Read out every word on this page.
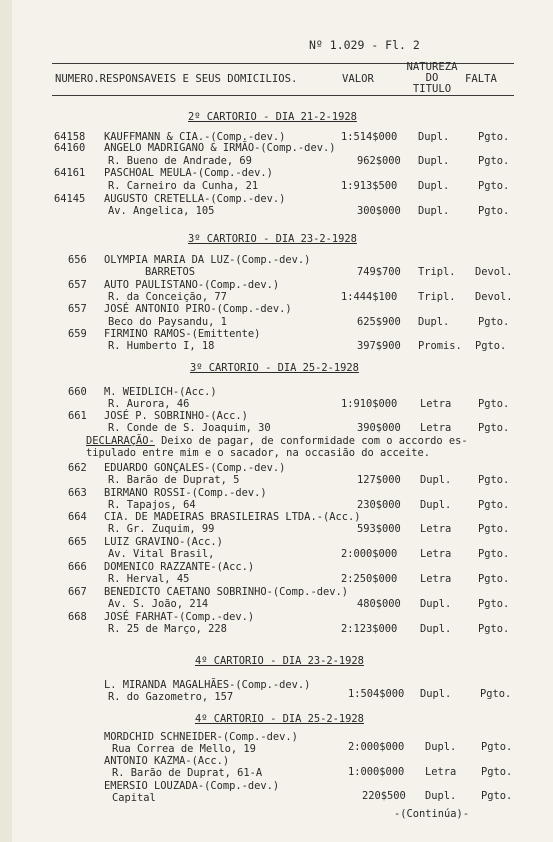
Nº 1.029 - Fl. 2
NUMERO.RESPONSAVEIS E SEUS DOMICILIOS.	VALOR
NATUREZA
DO
TITULO
FALTA
2º CARTORIO - DIA 21-2-1928
64158 KAUFFMANN & CIA.-(Comp.-dev.)	1:514$000 Dupl.	Pgto.
64160 ANGELO MADRIGANO & IRMÃO-(Comp.-dev.)
R. Bueno de Andrade, 69	962$000 Dupl.	Pgto.
64161 PASCHOAL MEULA-(Comp.-dev.)
R. Carneiro da Cunha, 21	1:913$500 Dupl.	Pgto.
64145 AUGUSTO CRETELLA-(Comp.-dev.)
Av. Angelica, 105	300$000 Dupl.	Pgto.
3º CARTORIO - DIA 23-2-1928
656 OLYMPIA MARIA DA LUZ-(Comp.-dev.)
BARRETOS	749$700 Tripl. Devol.
657 AUTO PAULISTANO-(Comp.-dev.)
R. da Conceição, 77	1:444$100 Tripl. Devol.
657 JOSÉ ANTONIO PIRO-(Comp.-dev.)
Beco do Paysandu, 1	625$900 Dupl.	Pgto.
659 FIRMINO RAMOS-(Emittente)
R. Humberto I, 18	397$900 Promis. Pgto.
3º CARTORIO - DIA 25-2-1928
660 M. WEIDLICH-(Acc.)
R. Aurora, 46	1:910$000 Letra	Pgto.
661 JOSÉ P. SOBRINHO-(Acc.)
R. Conde de S. Joaquim, 30	390$000 Letra	Pgto.
DECLARAÇÃO- Deixo de pagar, de conformidade com o accordo es-
tipulado entre mim e o sacador, na occasião do acceite.
662 EDUARDO GONÇALES-(Comp.-dev.)
R. Barão de Duprat, 5	127$000 Dupl.	Pgto.
663 BIRMANO ROSSI-(Comp.-dev.)
R. Tapajos, 64	230$000 Dupl.	Pgto.
664 CIA. DE MADEIRAS BRASILEIRAS LTDA.-(Acc.)
R. Gr. Zuquim, 99	593$000 Letra	Pgto.
665 LUIZ GRAVINO-(Acc.)
Av. Vital Brasil,	2:000$000 Letra	Pgto.
666 DOMENICO RAZZANTE-(Acc.)
R. Herval, 45	2:250$000 Letra	Pgto.
667 BENEDICTO CAETANO SOBRINHO-(Comp.-dev.)
Av. S. João, 214	480$000 Dupl.	Pgto.
668 JOSÉ FARHAT-(Comp.-dev.)
R. 25 de Março, 228	2:123$000 Dupl.	Pgto.
4º CARTORIO - DIA 23-2-1928
L. MIRANDA MAGALHÃES-(Comp.-dev.)
R. do Gazometro, 157	1:504$000 Dupl.	Pgto.
4º CARTORIO - DIA 25-2-1928
MORDCHID SCHNEIDER-(Comp.-dev.)
Rua Correa de Mello, 19	2:000$000 Dupl. Pgto.
ANTONIO KAZMA-(Acc.)
R. Barão de Duprat, 61-A	1:000$000 Letra Pgto.
EMERSIO LOUZADA-(Comp.-dev.)
Capital	220$500 Dupl. Pgto.
-(Continúa)-
